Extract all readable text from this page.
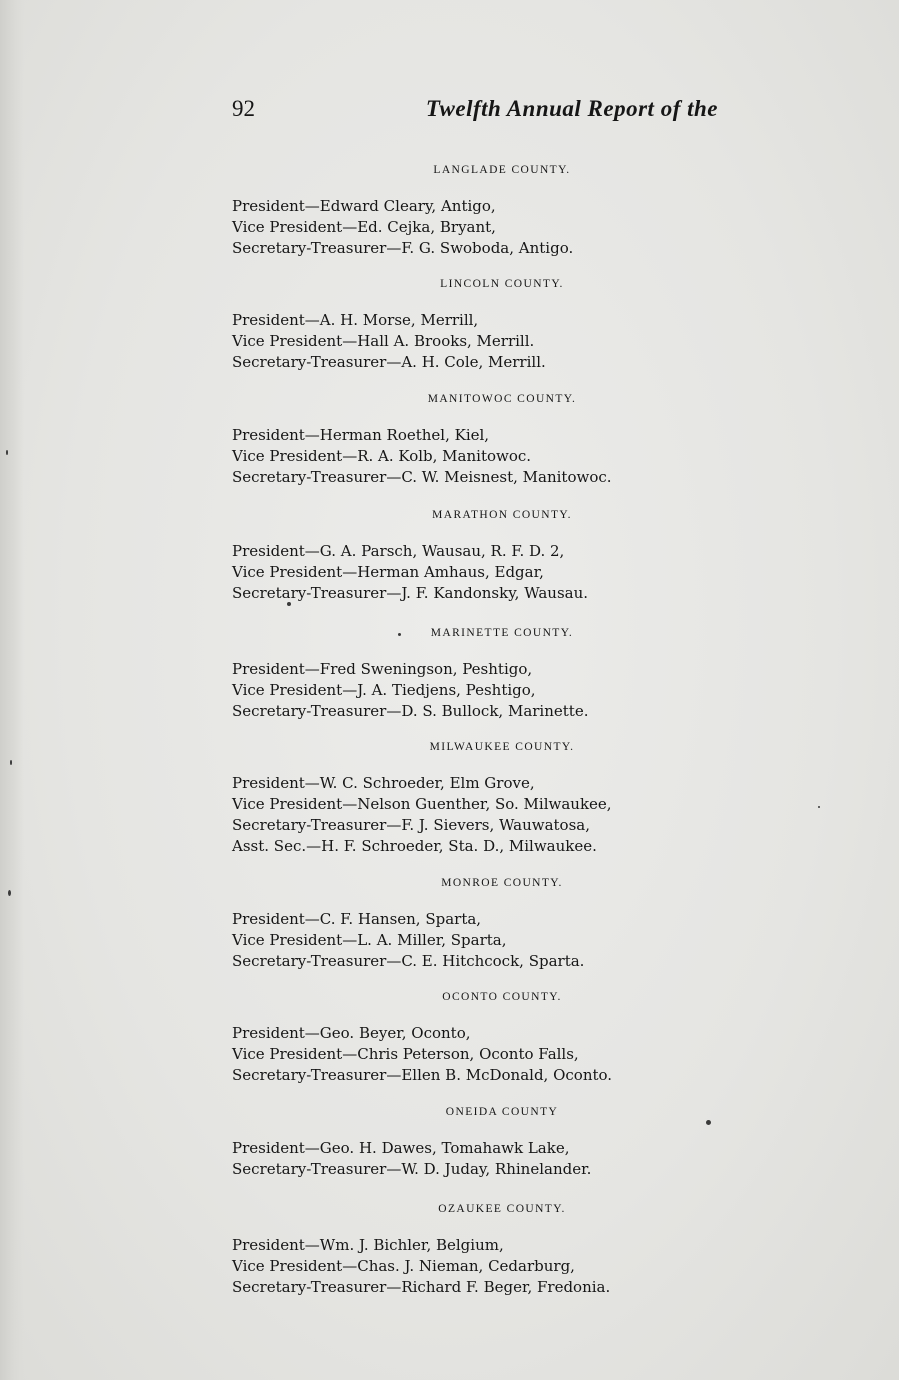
92	Twelfth Annual Report of the
LANGLADE COUNTY.
President—Edward Cleary, Antigo,
Vice President—Ed. Cejka, Bryant,
Secretary-Treasurer—F. G. Swoboda, Antigo.
LINCOLN COUNTY.
President—A. H. Morse, Merrill,
Vice President—Hall A. Brooks, Merrill.
Secretary-Treasurer—A. H. Cole, Merrill.
MANITOWOC COUNTY.
President—Herman Roethel, Kiel,
Vice President—R. A. Kolb, Manitowoc.
Secretary-Treasurer—C. W. Meisnest, Manitowoc.
MARATHON COUNTY.
President—G. A. Parsch, Wausau, R. F. D. 2,
Vice President—Herman Amhaus, Edgar,
Secretary-Treasurer—J. F. Kandonsky, Wausau.
MARINETTE COUNTY.
President—Fred Sweningson, Peshtigo,
Vice President—J. A. Tiedjens, Peshtigo,
Secretary-Treasurer—D. S. Bullock, Marinette.
MILWAUKEE COUNTY.
President—W. C. Schroeder, Elm Grove,
Vice President—Nelson Guenther, So. Milwaukee,
Secretary-Treasurer—F. J. Sievers, Wauwatosa,
Asst. Sec.—H. F. Schroeder, Sta. D., Milwaukee.
MONROE COUNTY.
President—C. F. Hansen, Sparta,
Vice President—L. A. Miller, Sparta,
Secretary-Treasurer—C. E. Hitchcock, Sparta.
OCONTO COUNTY.
President—Geo. Beyer, Oconto,
Vice President—Chris Peterson, Oconto Falls,
Secretary-Treasurer—Ellen B. McDonald, Oconto.
ONEIDA COUNTY
President—Geo. H. Dawes, Tomahawk Lake,
Secretary-Treasurer—W. D. Juday, Rhinelander.
OZAUKEE COUNTY.
President—Wm. J. Bichler, Belgium,
Vice President—Chas. J. Nieman, Cedarburg,
Secretary-Treasurer—Richard F. Beger, Fredonia.
